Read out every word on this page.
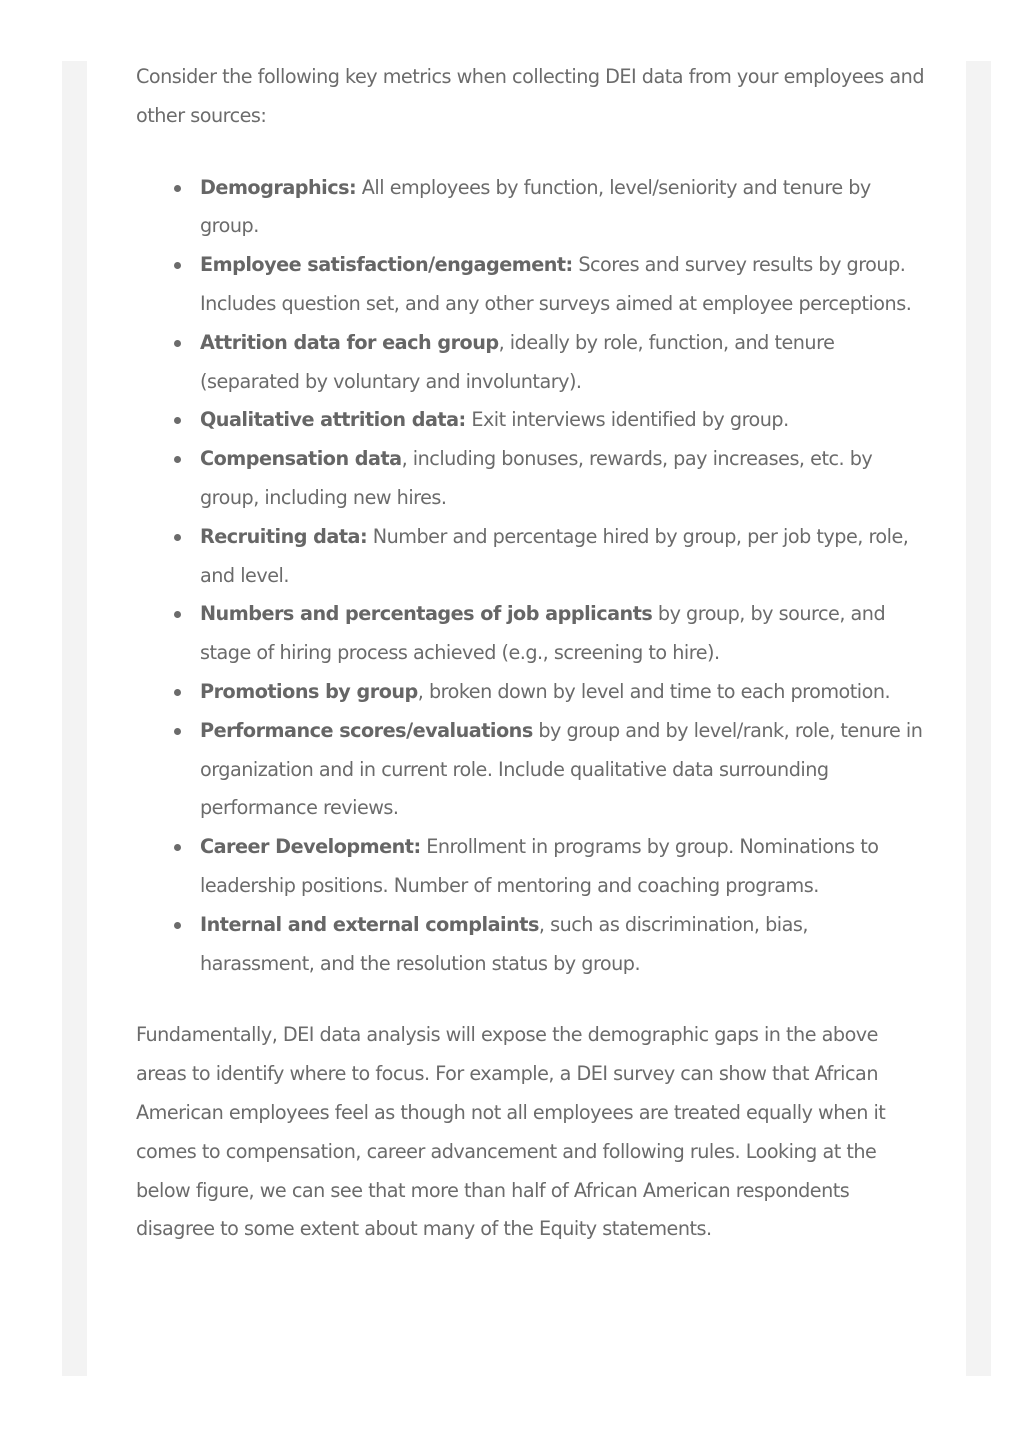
Consider the following key metrics when collecting DEI data from your employees and other sources:

Demographics: All employees by function, level/seniority and tenure by group.
Employee satisfaction/engagement: Scores and survey results by group. Includes question set, and any other surveys aimed at employee perceptions.
Attrition data for each group, ideally by role, function, and tenure (separated by voluntary and involuntary).
Qualitative attrition data: Exit interviews identified by group.
Compensation data, including bonuses, rewards, pay increases, etc. by group, including new hires.
Recruiting data: Number and percentage hired by group, per job type, role, and level.
Numbers and percentages of job applicants by group, by source, and stage of hiring process achieved (e.g., screening to hire).
Promotions by group, broken down by level and time to each promotion.
Performance scores/evaluations by group and by level/rank, role, tenure in organization and in current role. Include qualitative data surrounding performance reviews.
Career Development: Enrollment in programs by group. Nominations to leadership positions. Number of mentoring and coaching programs.
Internal and external complaints, such as discrimination, bias, harassment, and the resolution status by group.

Fundamentally, DEI data analysis will expose the demographic gaps in the above areas to identify where to focus. For example, a DEI survey can show that African American employees feel as though not all employees are treated equally when it comes to compensation, career advancement and following rules. Looking at the below figure, we can see that more than half of African American respondents disagree to some extent about many of the Equity statements.
